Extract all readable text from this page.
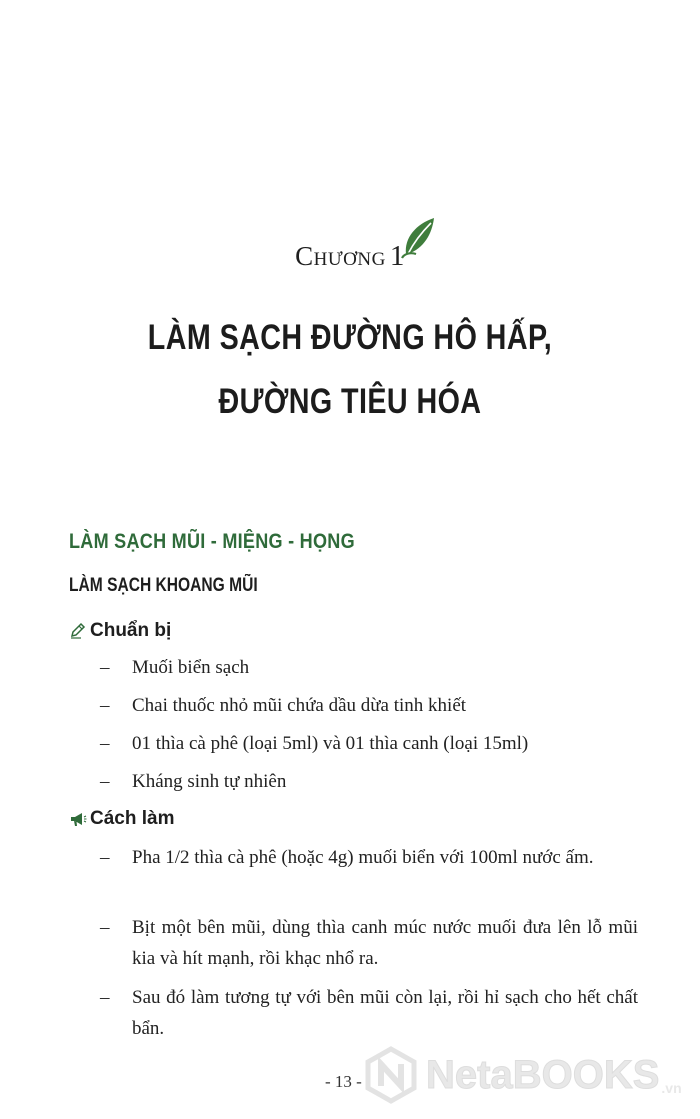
Chương 1
LÀM SẠCH ĐƯỜNG HÔ HẤP,
ĐƯỜNG TIÊU HÓA
LÀM SẠCH MŨI - MIỆNG - HỌNG
LÀM SẠCH KHOANG MŨI
Chuẩn bị
– Muối biển sạch
– Chai thuốc nhỏ mũi chứa dầu dừa tinh khiết
– 01 thìa cà phê (loại 5ml) và 01 thìa canh (loại 15ml)
– Kháng sinh tự nhiên
Cách làm
– Pha 1/2 thìa cà phê (hoặc 4g) muối biển với 100ml nước ấm.
– Bịt một bên mũi, dùng thìa canh múc nước muối đưa lên lỗ mũi kia và hít mạnh, rồi khạc nhổ ra.
– Sau đó làm tương tự với bên mũi còn lại, rồi hỉ sạch cho hết chất bẩn.
- 13 - NetaBOOKS .vn
